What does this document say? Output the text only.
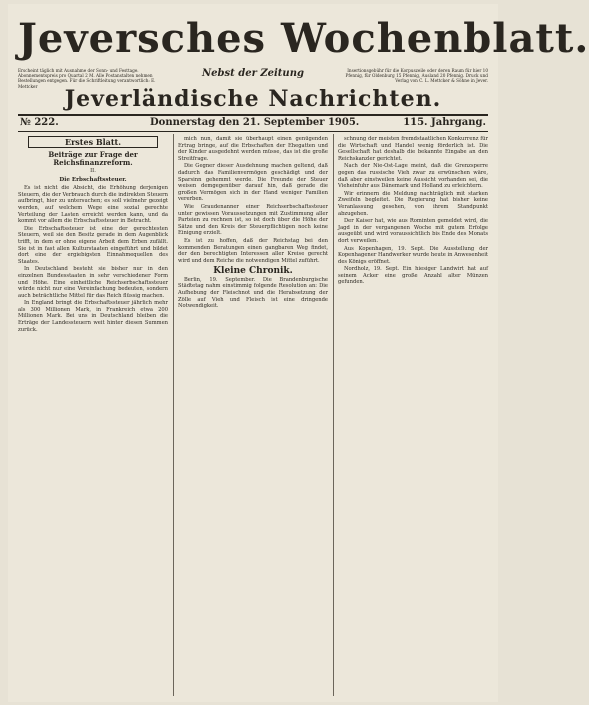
Jeversches Wochenblatt.
Erscheint täglich mit Ausnahme der Sonn- und Festtage. Abonnementspreis pro Quartal 2 M. Alle Postanstalten nehmen Bestellungen entgegen. Für die Schriftleitung verantwortlich: E. Mettcker
Nebst der Zeitung	Insertionsgebühr für die Korpuszeile oder deren Raum für hier 10 Pfennig, für Oldenburg 15 Pfennig, Ausland 20 Pfennig. Druck und Verlag von C. L. Mettcker & Söhne in Jever.
Jeverländische Nachrichten.
№ 222.	Donnerstag den 21. September 1905.	115. Jahrgang.
Erstes Blatt.
Beiträge zur Frage der Reichsfinanzreform.
II.
Die Erbschaftssteuer.

Es ist nicht die Absicht, die Erhöhung derjenigen Steuern, die der Verbrauch durch die indirekten Steuern aufbringt, hier zu untersuchen; es soll vielmehr gezeigt werden, auf welchem Wege eine sozial gerechte Verteilung der Lasten erreicht werden kann, und da kommt vor allem die Erbschaftssteuer in Betracht.

Die Erbschaftssteuer ist eine der gerechtesten Steuern, weil sie den Besitz gerade in dem Augenblick trifft, in dem er ohne eigene Arbeit dem Erben zufällt. Sie ist in fast allen Kulturstaaten eingeführt und bildet dort eine der ergiebigsten Einnahmequellen des Staates.

In Deutschland besteht sie bisher nur in den einzelnen Bundesstaaten in sehr verschiedener Form und Höhe. Eine einheitliche Reichserbschaftssteuer würde nicht nur eine Vereinfachung bedeuten, sondern auch beträchtliche Mittel für das Reich flüssig machen.

In England bringt die Erbschaftssteuer jährlich mehr als 300 Millionen Mark, in Frankreich etwa 200 Millionen Mark. Bei uns in Deutschland bleiben die Erträge der Landessteuern weit hinter diesen Summen zurück.

mich nun, damit sie überhaupt einen genügenden Ertrag bringe, auf die Erbschaften der Ehegatten und der Kinder ausgedehnt werden müsse, das ist die große Streitfrage.

Die Gegner dieser Ausdehnung machen geltend, daß dadurch das Familienvermögen geschädigt und der Sparsinn gehemmt werde. Die Freunde der Steuer weisen demgegenüber darauf hin, daß gerade die großen Vermögen sich in der Hand weniger Familien vererben.

Wie Graudenanner einer Reichserbschaftssteuer unter gewissen Voraussetzungen mit Zustimmung aller Parteien zu rechnen ist, so ist doch über die Höhe der Sätze und den Kreis der Steuerpflichtigen noch keine Einigung erzielt.

Es ist zu hoffen, daß der Reichstag bei den kommenden Beratungen einen gangbaren Weg findet, der den berechtigten Interessen aller Kreise gerecht wird und dem Reiche die notwendigen Mittel zuführt.

Kleine Chronik.

Berlin, 19. September. Die Brandenburgische Städtetag nahm einstimmig folgende Resolution an: Die Aufhebung der Fleischnot und die Herabsetzung der Zölle auf Vieh und Fleisch ist eine dringende Notwendigkeit.

schnung der meisten fremdstaatlichen Konkurrenz für die Wirtschaft und Handel wenig förderlich ist. Die Gesellschaft hat deshalb die bekannte Eingabe an den Reichskanzler gerichtet.

Nach der Nie-Ost-Lage meint, daß die Grenzsperre gegen das russische Vieh zwar zu erwünschen wäre, daß aber einstweilen keine Aussicht vorhanden sei, die Vieheinfuhr aus Dänemark und Holland zu erleichtern.

Wir erinnern die Meldung nachträglich mit starken Zweifeln begleitet. Die Regierung hat bisher keine Veranlassung gesehen, von ihrem Standpunkt abzugehen.

Der Kaiser hat, wie aus Rominten gemeldet wird, die Jagd in der vergangenen Woche mit gutem Erfolge ausgeübt und wird voraussichtlich bis Ende des Monats dort verweilen.

Aus Kopenhagen, 19. Sept. Die Ausstellung der Kopenhagener Handwerker wurde heute in Anwesenheit des Königs eröffnet.

Nordholz, 19. Sept. Ein hiesiger Landwirt hat auf seinem Acker eine große Anzahl alter Münzen gefunden.
